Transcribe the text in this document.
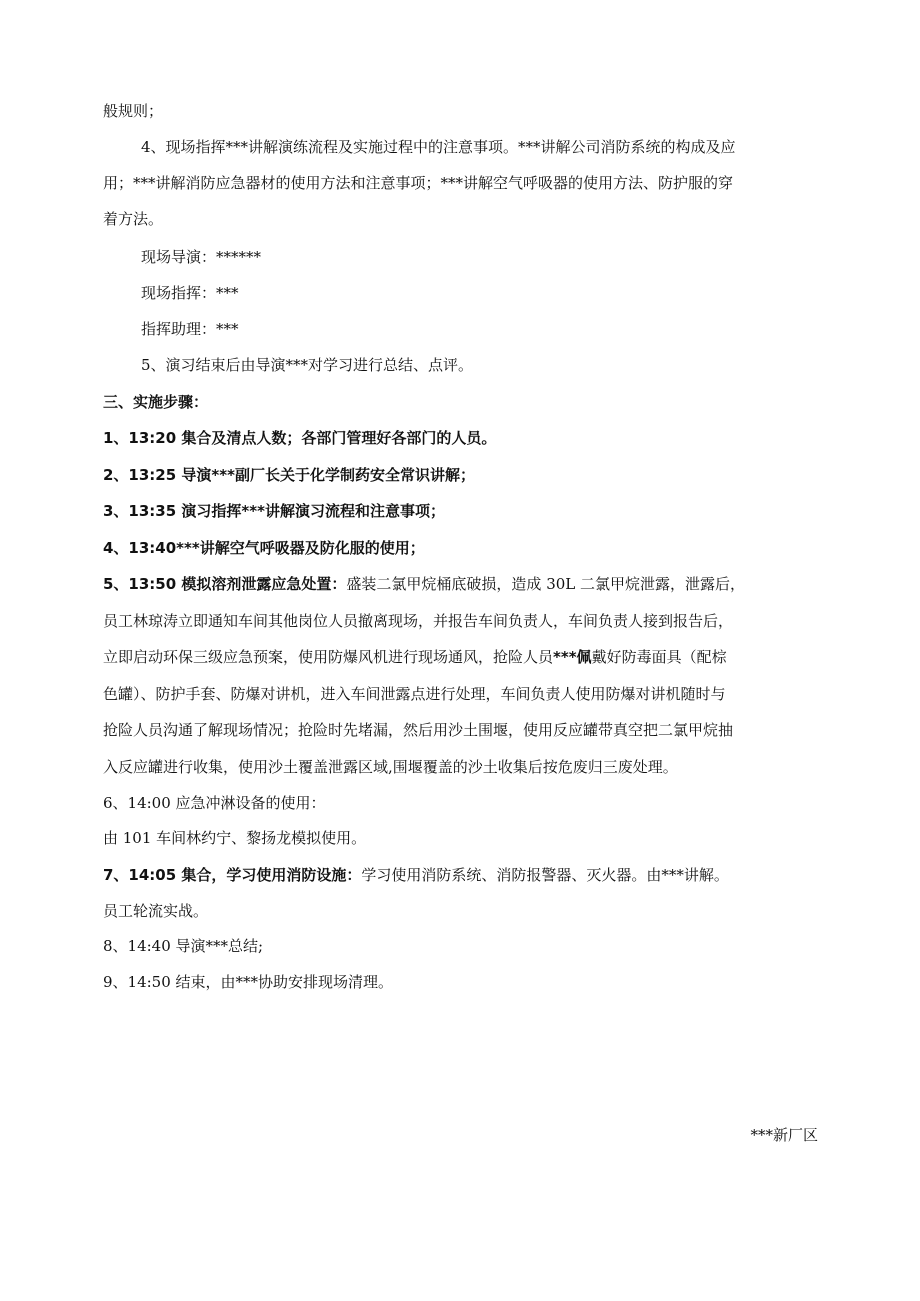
般规则；
4、现场指挥***讲解演练流程及实施过程中的注意事项。***讲解公司消防系统的构成及应
用；***讲解消防应急器材的使用方法和注意事项；***讲解空气呼吸器的使用方法、防护服的穿
着方法。
现场导演：******
现场指挥：***
指挥助理：***
5、演习结束后由导演***对学习进行总结、点评。
三、实施步骤：
1、13:20 集合及清点人数；各部门管理好各部门的人员。
2、13:25 导演***副厂长关于化学制药安全常识讲解；
3、13:35 演习指挥***讲解演习流程和注意事项；
4、13:40***讲解空气呼吸器及防化服的使用；
5、13:50 模拟溶剂泄露应急处置：盛装二氯甲烷桶底破损，造成 30L 二氯甲烷泄露，泄露后，
员工林琼涛立即通知车间其他岗位人员撤离现场，并报告车间负责人，车间负责人接到报告后，
立即启动环保三级应急预案，使用防爆风机进行现场通风，抢险人员***佩戴好防毒面具（配棕
色罐）、防护手套、防爆对讲机，进入车间泄露点进行处理，车间负责人使用防爆对讲机随时与
抢险人员沟通了解现场情况；抢险时先堵漏，然后用沙土围堰，使用反应罐带真空把二氯甲烷抽
入反应罐进行收集，使用沙土覆盖泄露区域,围堰覆盖的沙土收集后按危废归三废处理。
6、14:00 应急冲淋设备的使用：
由 101 车间林约宁、黎扬龙模拟使用。
7、14:05 集合，学习使用消防设施：学习使用消防系统、消防报警器、灭火器。由***讲解。
员工轮流实战。
8、14:40 导演***总结;
9、14:50 结束，由***协助安排现场清理。
***新厂区
